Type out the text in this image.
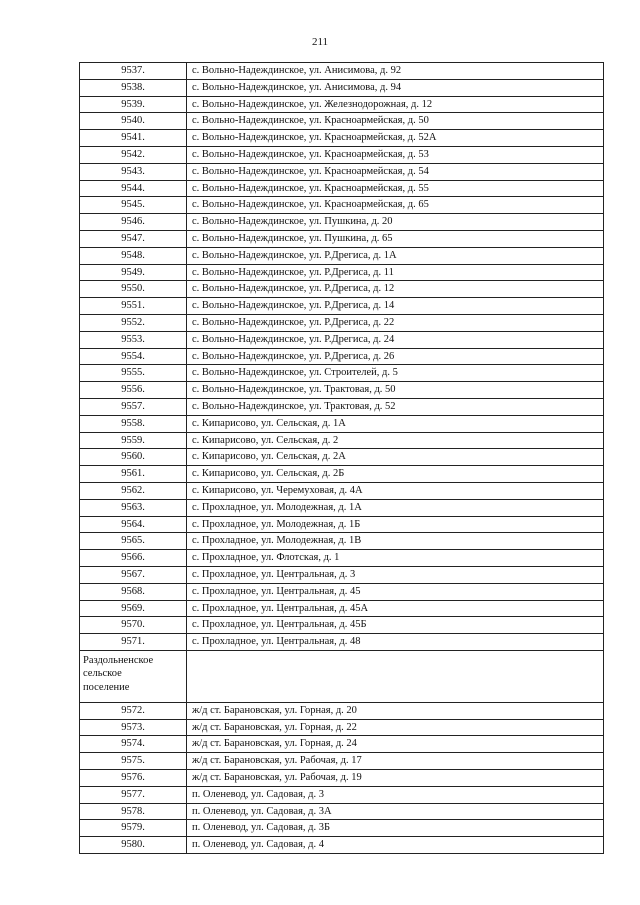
211
9537.	с. Вольно-Надеждинское, ул. Анисимова, д. 92
9538.	с. Вольно-Надеждинское, ул. Анисимова, д. 94
9539.	с. Вольно-Надеждинское, ул. Железнодорожная, д. 12
9540.	с. Вольно-Надеждинское, ул. Красноармейская, д. 50
9541.	с. Вольно-Надеждинское, ул. Красноармейская, д. 52А
9542.	с. Вольно-Надеждинское, ул. Красноармейская, д. 53
9543.	с. Вольно-Надеждинское, ул. Красноармейская, д. 54
9544.	с. Вольно-Надеждинское, ул. Красноармейская, д. 55
9545.	с. Вольно-Надеждинское, ул. Красноармейская, д. 65
9546.	с. Вольно-Надеждинское, ул. Пушкина, д. 20
9547.	с. Вольно-Надеждинское, ул. Пушкина, д. 65
9548.	с. Вольно-Надеждинское, ул. Р.Дрегиса, д. 1А
9549.	с. Вольно-Надеждинское, ул. Р.Дрегиса, д. 11
9550.	с. Вольно-Надеждинское, ул. Р.Дрегиса, д. 12
9551.	с. Вольно-Надеждинское, ул. Р.Дрегиса, д. 14
9552.	с. Вольно-Надеждинское, ул. Р.Дрегиса, д. 22
9553.	с. Вольно-Надеждинское, ул. Р.Дрегиса, д. 24
9554.	с. Вольно-Надеждинское, ул. Р.Дрегиса, д. 26
9555.	с. Вольно-Надеждинское, ул. Строителей, д. 5
9556.	с. Вольно-Надеждинское, ул. Трактовая, д. 50
9557.	с. Вольно-Надеждинское, ул. Трактовая, д. 52
9558.	с. Кипарисово, ул. Сельская, д. 1А
9559.	с. Кипарисово, ул. Сельская, д. 2
9560.	с. Кипарисово, ул. Сельская, д. 2А
9561.	с. Кипарисово, ул. Сельская, д. 2Б
9562.	с. Кипарисово, ул. Черемуховая, д. 4А
9563.	с. Прохладное, ул. Молодежная, д. 1А
9564.	с. Прохладное, ул. Молодежная, д. 1Б
9565.	с. Прохладное, ул. Молодежная, д. 1В
9566.	с. Прохладное, ул. Флотская, д. 1
9567.	с. Прохладное, ул. Центральная, д. 3
9568.	с. Прохладное, ул. Центральная, д. 45
9569.	с. Прохладное, ул. Центральная, д. 45А
9570.	с. Прохладное, ул. Центральная, д. 45Б
9571.	с. Прохладное, ул. Центральная, д. 48
Раздольненское
сельское
поселение
9572.	ж/д ст. Барановская, ул. Горная, д. 20
9573.	ж/д ст. Барановская, ул. Горная, д. 22
9574.	ж/д ст. Барановская, ул. Горная, д. 24
9575.	ж/д ст. Барановская, ул. Рабочая, д. 17
9576.	ж/д ст. Барановская, ул. Рабочая, д. 19
9577.	п. Оленевод, ул. Садовая, д. 3
9578.	п. Оленевод, ул. Садовая, д. 3А
9579.	п. Оленевод, ул. Садовая, д. 3Б
9580.	п. Оленевод, ул. Садовая, д. 4
